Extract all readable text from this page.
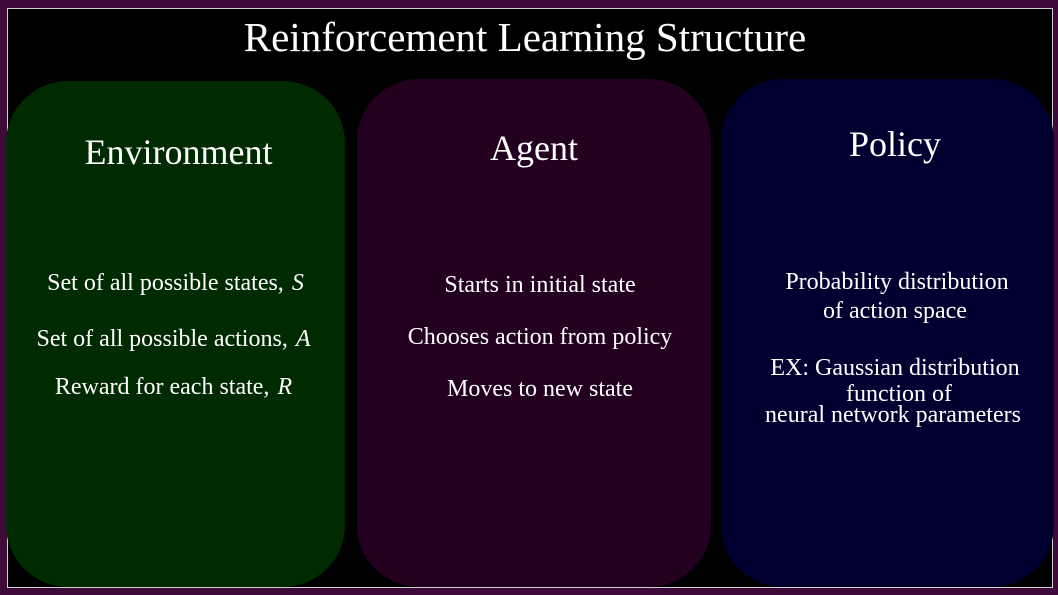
Reinforcement Learning Structure
Environment
Set of all possible states, S
Set of all possible actions, A
Reward for each state, R
Agent
Starts in initial state
Chooses action from policy
Moves to new state
Policy
Probability distribution
of action space
EX: Gaussian distribution
function of
neural network parameters
